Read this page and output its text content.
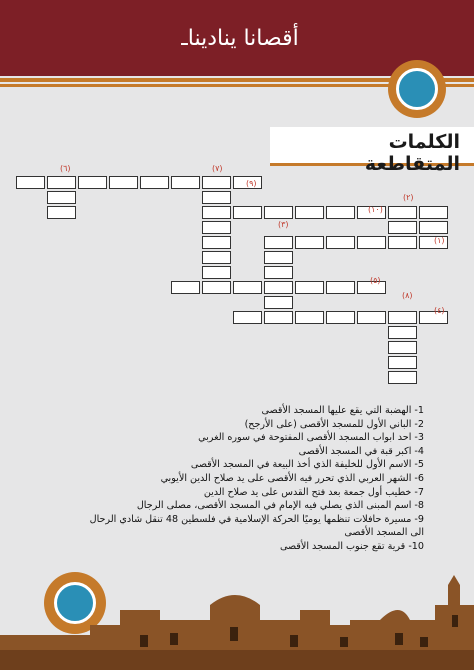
أقصانا يناديناـ
الكلمات المتقاطعة
(٦)	(٧)
(٩)
(٢)
(١٠)
(١)
(٣)
(٥)
(٨)
(٤)
1- الهضبة التي يقع عليها المسجد الأقصى
2- الباني الأول للمسجد الأقصى (على الأرجح)
3- احد ابواب المسجد الأقصى المفتوحة في سوره الغربي
4- اكبر قبة في المسجد الأقصى
5- الاسم الأول للخليفة الذي أخذ البيعة في المسجد الأقصى
6- الشهر العربي الذي تحرر فيه الأقصى على يد صلاح الدين الأيوبي
7- خطيب أول جمعة بعد فتح القدس على يد صلاح الدين
8- اسم المبنى الذي يصلي فيه الإمام في المسجد الأقصى، مصلى الرجال
9- مسيرة حافلات تنظمها يوميًا الحركة الإسلامية في فلسطين 48 تنقل شادي الرحال
الى المسجد الأقصى
10- قرية تقع جنوب المسجد الأقصى
